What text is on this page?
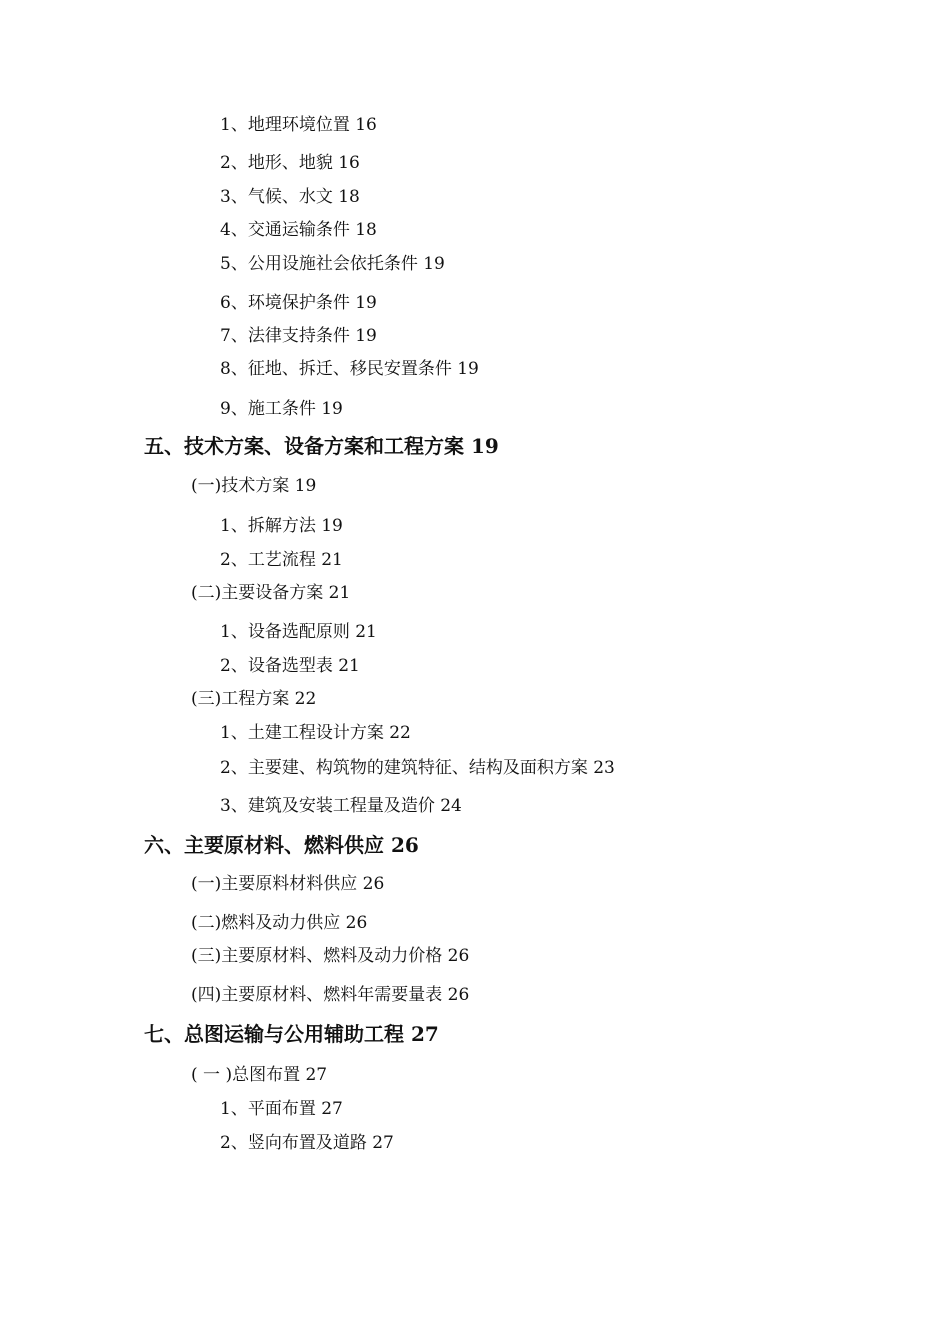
1、地理环境位置 16
2、地形、地貌 16
3、气候、水文 18
4、交通运输条件 18
5、公用设施社会依托条件 19
6、环境保护条件 19
7、法律支持条件 19
8、征地、拆迁、移民安置条件 19
9、施工条件 19
五、技术方案、设备方案和工程方案 19
(一)技术方案 19
1、拆解方法 19
2、工艺流程 21
(二)主要设备方案 21
1、设备选配原则 21
2、设备选型表 21
(三)工程方案 22
1、土建工程设计方案 22
2、主要建、构筑物的建筑特征、结构及面积方案 23
3、建筑及安装工程量及造价 24
六、主要原材料、燃料供应 26
(一)主要原料材料供应 26
(二)燃料及动力供应 26
(三)主要原材料、燃料及动力价格 26
(四)主要原材料、燃料年需要量表 26
七、总图运输与公用辅助工程 27
( 一 )总图布置 27
1、平面布置 27
2、竖向布置及道路 27
